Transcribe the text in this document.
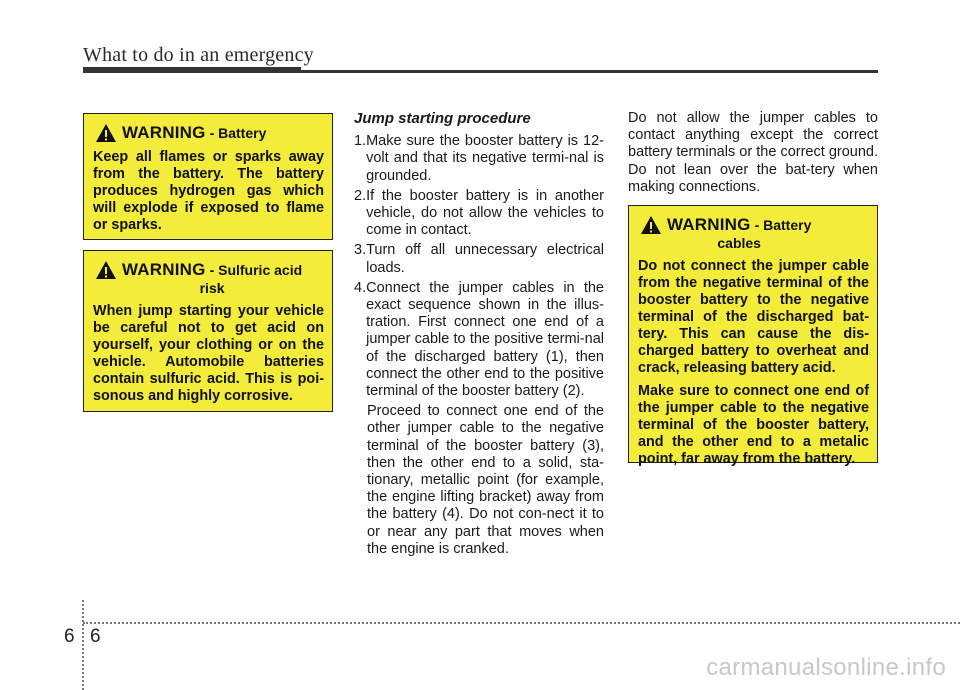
What to do in an emergency
WARNING - Battery

Keep all flames or sparks away from the battery. The battery produces hydrogen gas which will explode if exposed to flame or sparks.

WARNING - Sulfuric acid
risk

When jump starting your vehicle be careful not to get acid on yourself, your clothing or on the vehicle. Automobile batteries contain sulfuric acid. This is poi-sonous and highly corrosive.

Jump starting procedure
1. Make sure the booster battery is 12-volt and that its negative termi-nal is grounded.
2. If the booster battery is in another vehicle, do not allow the vehicles to come in contact.
3. Turn off all unnecessary electrical loads.
4. Connect the jumper cables in the exact sequence shown in the illus-tration. First connect one end of a jumper cable to the positive termi-nal of the discharged battery (1), then connect the other end to the positive terminal of the booster battery (2).

Proceed to connect one end of the other jumper cable to the negative terminal of the booster battery (3), then the other end to a solid, sta-tionary, metallic point (for example, the engine lifting bracket) away from the battery (4). Do not con-nect it to or near any part that moves when the engine is cranked.

Do not allow the jumper cables to contact anything except the correct battery terminals or the correct ground. Do not lean over the bat-tery when making connections.
WARNING - Battery
cables

Do not connect the jumper cable from the negative terminal of the booster battery to the negative terminal of the discharged bat-tery. This can cause the dis-charged battery to overheat and crack, releasing battery acid.

Make sure to connect one end of the jumper cable to the negative terminal of the booster battery, and the other end to a metalic point, far away from the battery.

6 6
carmanualsonline.info
